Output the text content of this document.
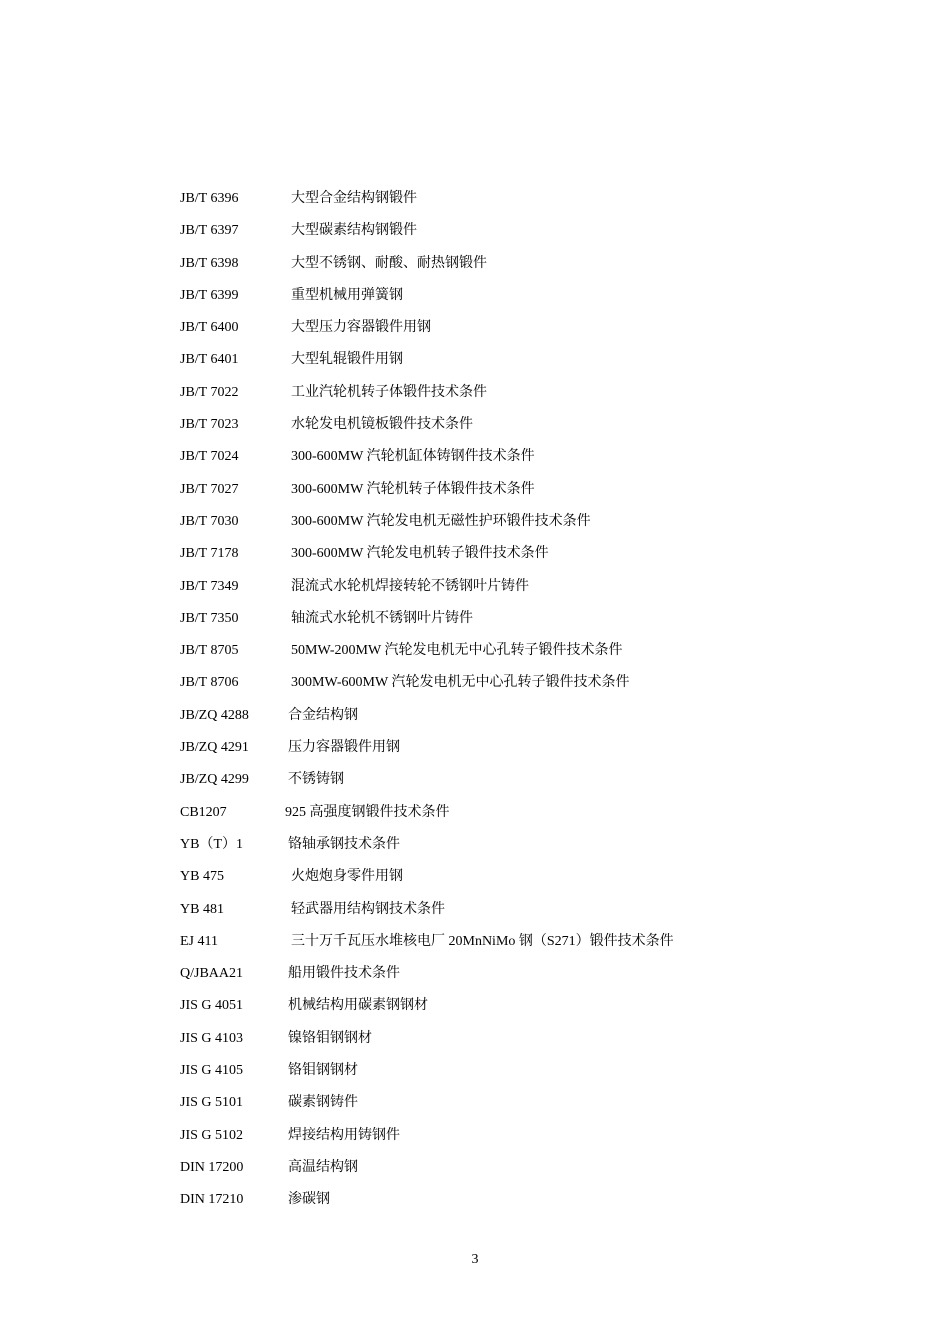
JB/T 6396	大型合金结构钢锻件
JB/T 6397	大型碳素结构钢锻件
JB/T 6398	大型不锈钢、耐酸、耐热钢锻件
JB/T 6399	重型机械用弹簧钢
JB/T 6400	大型压力容器锻件用钢
JB/T 6401	大型轧辊锻件用钢
JB/T 7022	工业汽轮机转子体锻件技术条件
JB/T 7023	水轮发电机镜板锻件技术条件
JB/T 7024	300-600MW 汽轮机缸体铸钢件技术条件
JB/T 7027	300-600MW 汽轮机转子体锻件技术条件
JB/T 7030	300-600MW 汽轮发电机无磁性护环锻件技术条件
JB/T 7178	300-600MW 汽轮发电机转子锻件技术条件
JB/T 7349	混流式水轮机焊接转轮不锈钢叶片铸件
JB/T 7350	轴流式水轮机不锈钢叶片铸件
JB/T 8705	50MW-200MW 汽轮发电机无中心孔转子锻件技术条件
JB/T 8706	300MW-600MW 汽轮发电机无中心孔转子锻件技术条件
JB/ZQ 4288	合金结构钢
JB/ZQ 4291	压力容器锻件用钢
JB/ZQ 4299	不锈铸钢
CB1207	925 高强度钢锻件技术条件
YB（T）1	铬轴承钢技术条件
YB 475	火炮炮身零件用钢
YB 481	轻武器用结构钢技术条件
EJ 411	三十万千瓦压水堆核电厂 20MnNiMo 钢（S271）锻件技术条件
Q/JBAA21	船用锻件技术条件
JIS G 4051	机械结构用碳素钢钢材
JIS G 4103	镍铬钼钢钢材
JIS G 4105	铬钼钢钢材
JIS G 5101	碳素钢铸件
JIS G 5102	焊接结构用铸钢件
DIN 17200	高温结构钢
DIN 17210	渗碳钢
3
